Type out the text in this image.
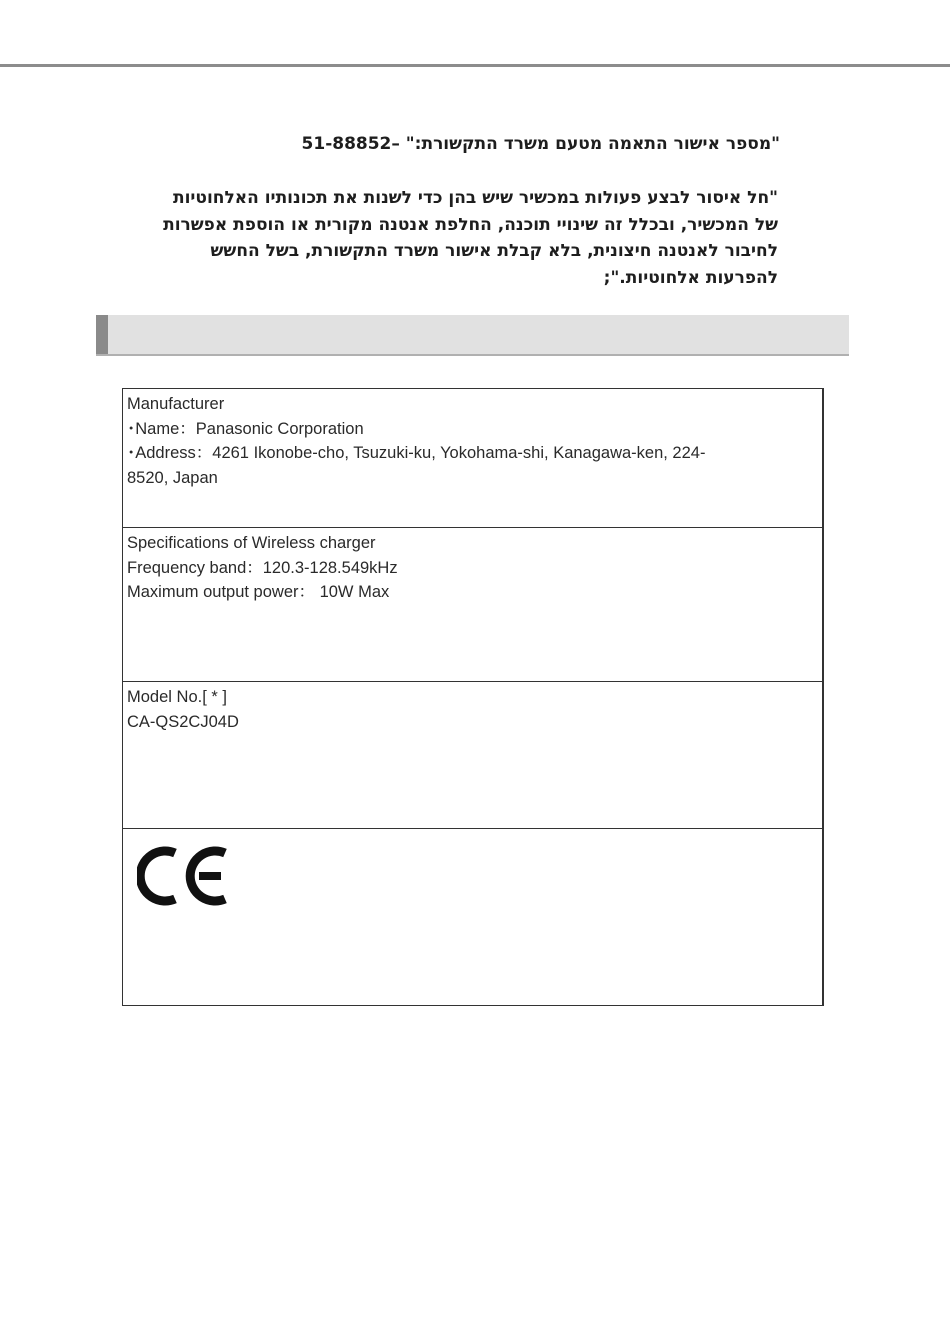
"מספר אישור התאמה מטעם משרד התקשורת:" –51-88852
"חל איסור לבצע פעולות במכשיר שיש בהן כדי לשנות את תכונותיו האלחוטיות
של המכשיר, ובכלל זה שינויי תוכנה, החלפת אנטנה מקורית או הוספת אפשרות
לחיבור לאנטנה חיצונית, בלא קבלת אישור משרד התקשורת, בשל החשש
להפרעות אלחוטיות.";
Manufacturer
･Name：Panasonic Corporation
･Address：4261 Ikonobe-cho, Tsuzuki-ku, Yokohama-shi, Kanagawa-ken, 224-
8520, Japan
Specifications of Wireless charger
Frequency band：120.3-128.549kHz
Maximum output power： 10W Max
Model No.[ * ]
CA-QS2CJ04D
